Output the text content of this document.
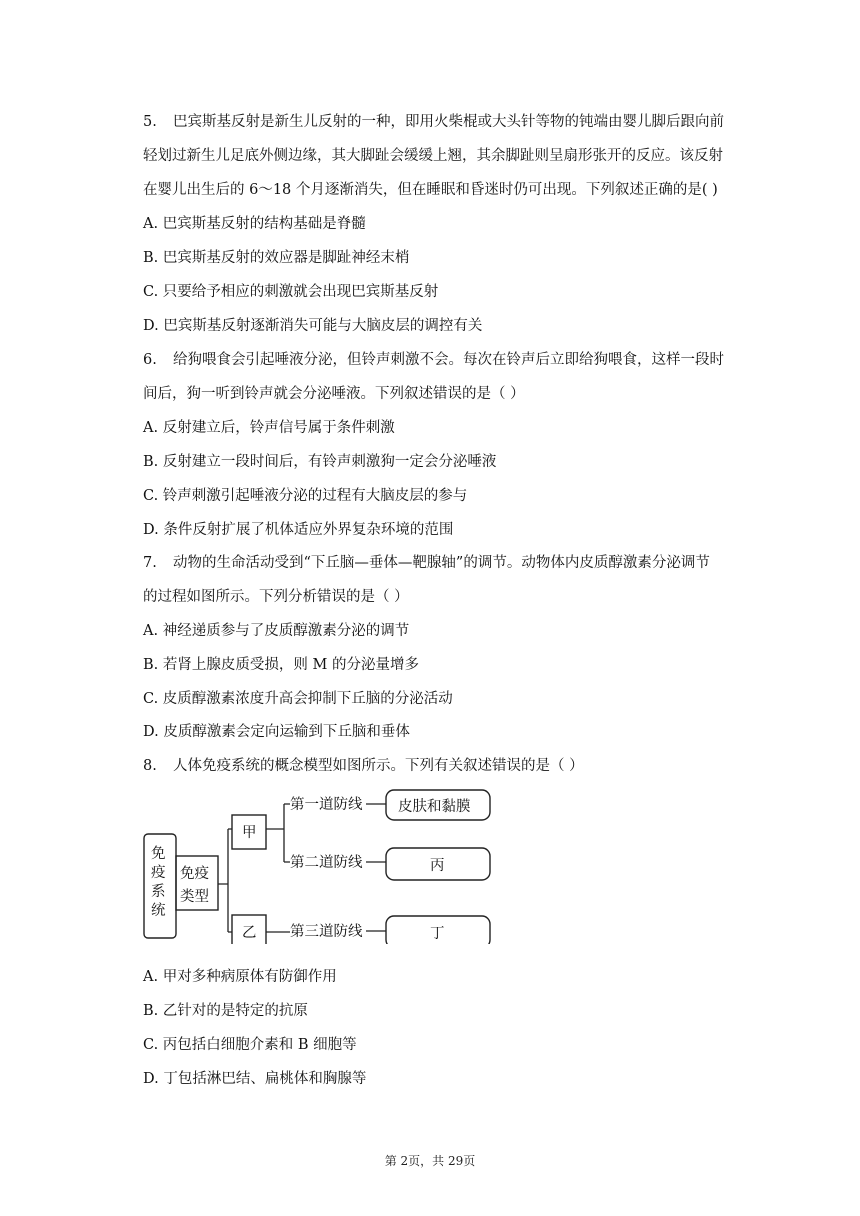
5. 巴宾斯基反射是新生儿反射的一种，即用火柴棍或大头针等物的钝端由婴儿脚后跟向前
轻划过新生儿足底外侧边缘，其大脚趾会缓缓上翘，其余脚趾则呈扇形张开的反应。该反射
在婴儿出生后的 6～18 个月逐渐消失，但在睡眠和昏迷时仍可出现。下列叙述正确的是( )
A. 巴宾斯基反射的结构基础是脊髓
B. 巴宾斯基反射的效应器是脚趾神经末梢
C. 只要给予相应的刺激就会出现巴宾斯基反射
D. 巴宾斯基反射逐渐消失可能与大脑皮层的调控有关
6. 给狗喂食会引起唾液分泌，但铃声刺激不会。每次在铃声后立即给狗喂食，这样一段时
间后，狗一听到铃声就会分泌唾液。下列叙述错误的是（ ）
A. 反射建立后，铃声信号属于条件刺激
B. 反射建立一段时间后，有铃声刺激狗一定会分泌唾液
C. 铃声刺激引起唾液分泌的过程有大脑皮层的参与
D. 条件反射扩展了机体适应外界复杂环境的范围
7. 动物的生命活动受到“下丘脑—垂体—靶腺轴”的调节。动物体内皮质醇激素分泌调节
的过程如图所示。下列分析错误的是（ ）
A. 神经递质参与了皮质醇激素分泌的调节
B. 若肾上腺皮质受损，则 M 的分泌量增多
C. 皮质醇激素浓度升高会抑制下丘脑的分泌活动
D. 皮质醇激素会定向运输到下丘脑和垂体
8. 人体免疫系统的概念模型如图所示。下列有关叙述错误的是（ ）
免
疫
系
统
免疫
类型
甲
乙
第一道防线
第二道防线
第三道防线
皮肤和黏膜
丙
丁
A. 甲对多种病原体有防御作用
B. 乙针对的是特定的抗原
C. 丙包括白细胞介素和 B 细胞等
D. 丁包括淋巴结、扁桃体和胸腺等
第 2页，共 29页
